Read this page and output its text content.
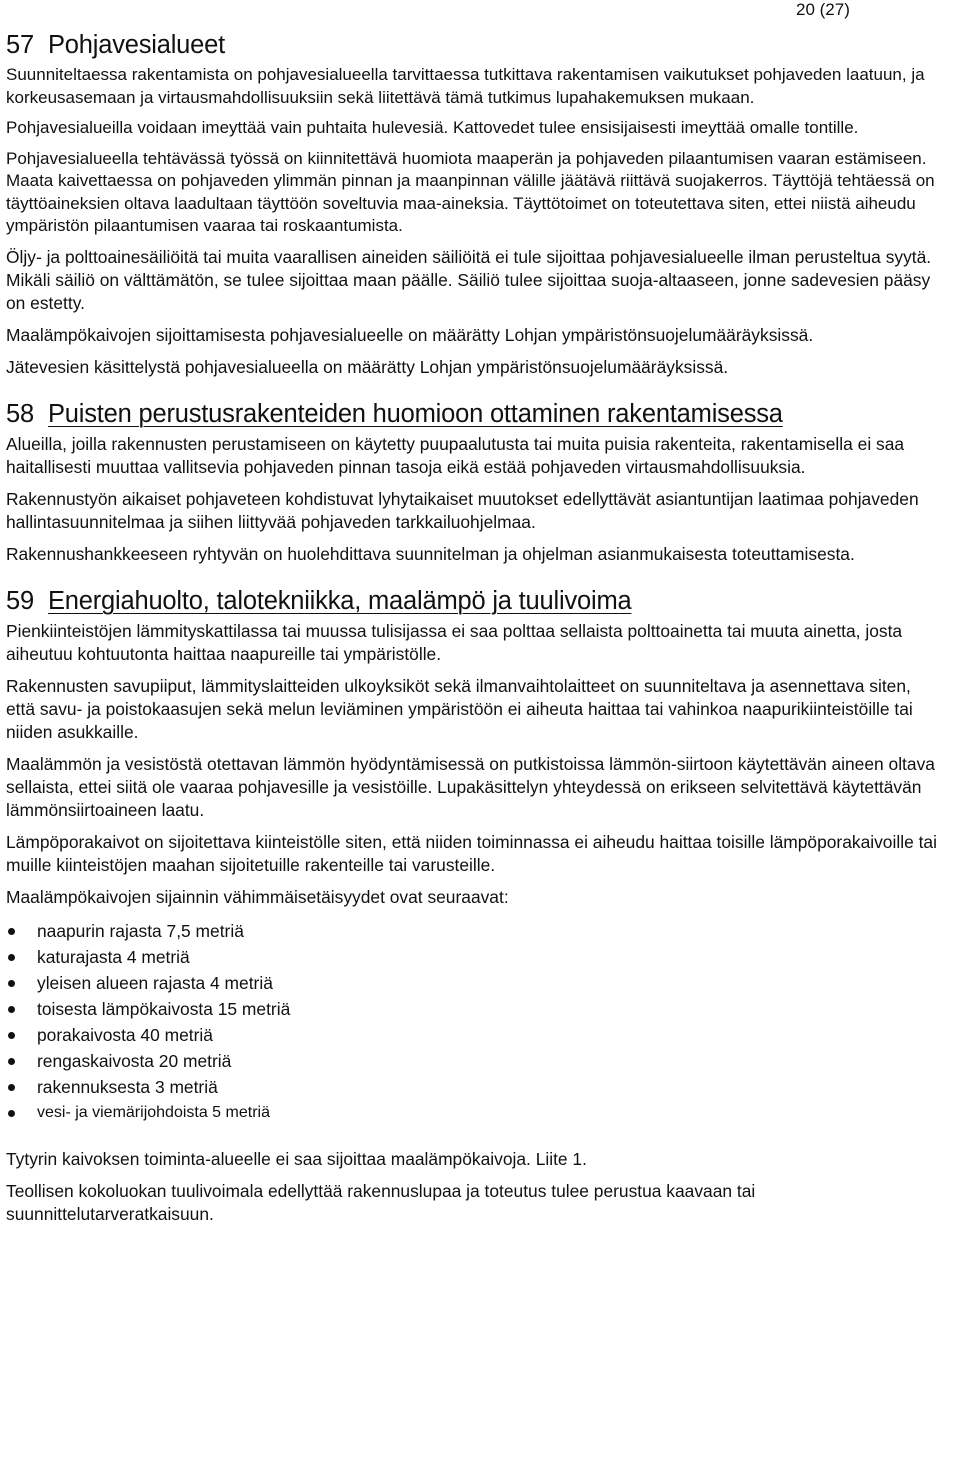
20 (27)
57 Pohjavesialueet

Suunniteltaessa rakentamista on pohjavesialueella tarvittaessa tutkittava rakentamisen vaikutukset pohjaveden laatuun, ja korkeusasemaan ja virtausmahdollisuuksiin sekä liitettävä tämä tutkimus lupahakemuksen mukaan.

Pohjavesialueilla voidaan imeyttää vain puhtaita hulevesiä. Kattovedet tulee ensisijaisesti imeyttää omalle tontille.

Pohjavesialueella tehtävässä työssä on kiinnitettävä huomiota maaperän ja pohjaveden pilaantumisen vaaran estämiseen. Maata kaivettaessa on pohjaveden ylimmän pinnan ja maanpinnan välille jäätävä riittävä suojakerros. Täyttöjä tehtäessä on täyttöaineksien oltava laadultaan täyttöön soveltuvia maa-aineksia. Täyttötoimet on toteutettava siten, ettei niistä aiheudu ympäristön pilaantumisen vaaraa tai roskaantumista.

Öljy- ja polttoainesäiliöitä tai muita vaarallisen aineiden säiliöitä ei tule sijoittaa pohjavesialueelle ilman perusteltua syytä. Mikäli säiliö on välttämätön, se tulee sijoittaa maan päälle. Säiliö tulee sijoittaa suoja-altaaseen, jonne sadevesien pääsy on estetty.

Maalämpökaivojen sijoittamisesta pohjavesialueelle on määrätty Lohjan ympäristönsuojelumääräyksissä.

Jätevesien käsittelystä pohjavesialueella on määrätty Lohjan ympäristönsuojelumääräyksissä.

58 Puisten perustusrakenteiden huomioon ottaminen rakentamisessa

Alueilla, joilla rakennusten perustamiseen on käytetty puupaalutusta tai muita puisia rakenteita, rakentamisella ei saa haitallisesti muuttaa vallitsevia pohjaveden pinnan tasoja eikä estää pohjaveden virtausmahdollisuuksia.

Rakennustyön aikaiset pohjaveteen kohdistuvat lyhytaikaiset muutokset edellyttävät asiantuntijan laatimaa pohjaveden hallintasuunnitelmaa ja siihen liittyvää pohjaveden tarkkailuohjelmaa.

Rakennushankkeeseen ryhtyvän on huolehdittava suunnitelman ja ohjelman asianmukaisesta toteuttamisesta.

59 Energiahuolto, talotekniikka, maalämpö ja tuulivoima

Pienkiinteistöjen lämmityskattilassa tai muussa tulisijassa ei saa polttaa sellaista polttoainetta tai muuta ainetta, josta aiheutuu kohtuutonta haittaa naapureille tai ympäristölle.

Rakennusten savupiiput, lämmityslaitteiden ulkoyksiköt sekä ilmanvaihtolaitteet on suunniteltava ja asennettava siten, että savu- ja poistokaasujen sekä melun leviäminen ympäristöön ei aiheuta haittaa tai vahinkoa naapurikiinteistöille tai niiden asukkaille.

Maalämmön ja vesistöstä otettavan lämmön hyödyntämisessä on putkistoissa lämmön-siirtoon käytettävän aineen oltava sellaista, ettei siitä ole vaaraa pohjavesille ja vesistöille. Lupakäsittelyn yhteydessä on erikseen selvitettävä käytettävän lämmönsiirtoaineen laatu.

Lämpöporakaivot on sijoitettava kiinteistölle siten, että niiden toiminnassa ei aiheudu haittaa toisille lämpöporakaivoille tai muille kiinteistöjen maahan sijoitetuille rakenteille tai varusteille.

Maalämpökaivojen sijainnin vähimmäisetäisyydet ovat seuraavat:

naapurin rajasta 7,5 metriä
katurajasta 4 metriä
yleisen alueen rajasta 4 metriä
toisesta lämpökaivosta 15 metriä
porakaivosta 40 metriä
rengaskaivosta 20 metriä
rakennuksesta 3 metriä
vesi- ja viemärijohdoista 5 metriä

Tytyrin kaivoksen toiminta-alueelle ei saa sijoittaa maalämpökaivoja. Liite 1.

Teollisen kokoluokan tuulivoimala edellyttää rakennuslupaa ja toteutus tulee perustua kaavaan tai suunnittelutarveratkaisuun.
